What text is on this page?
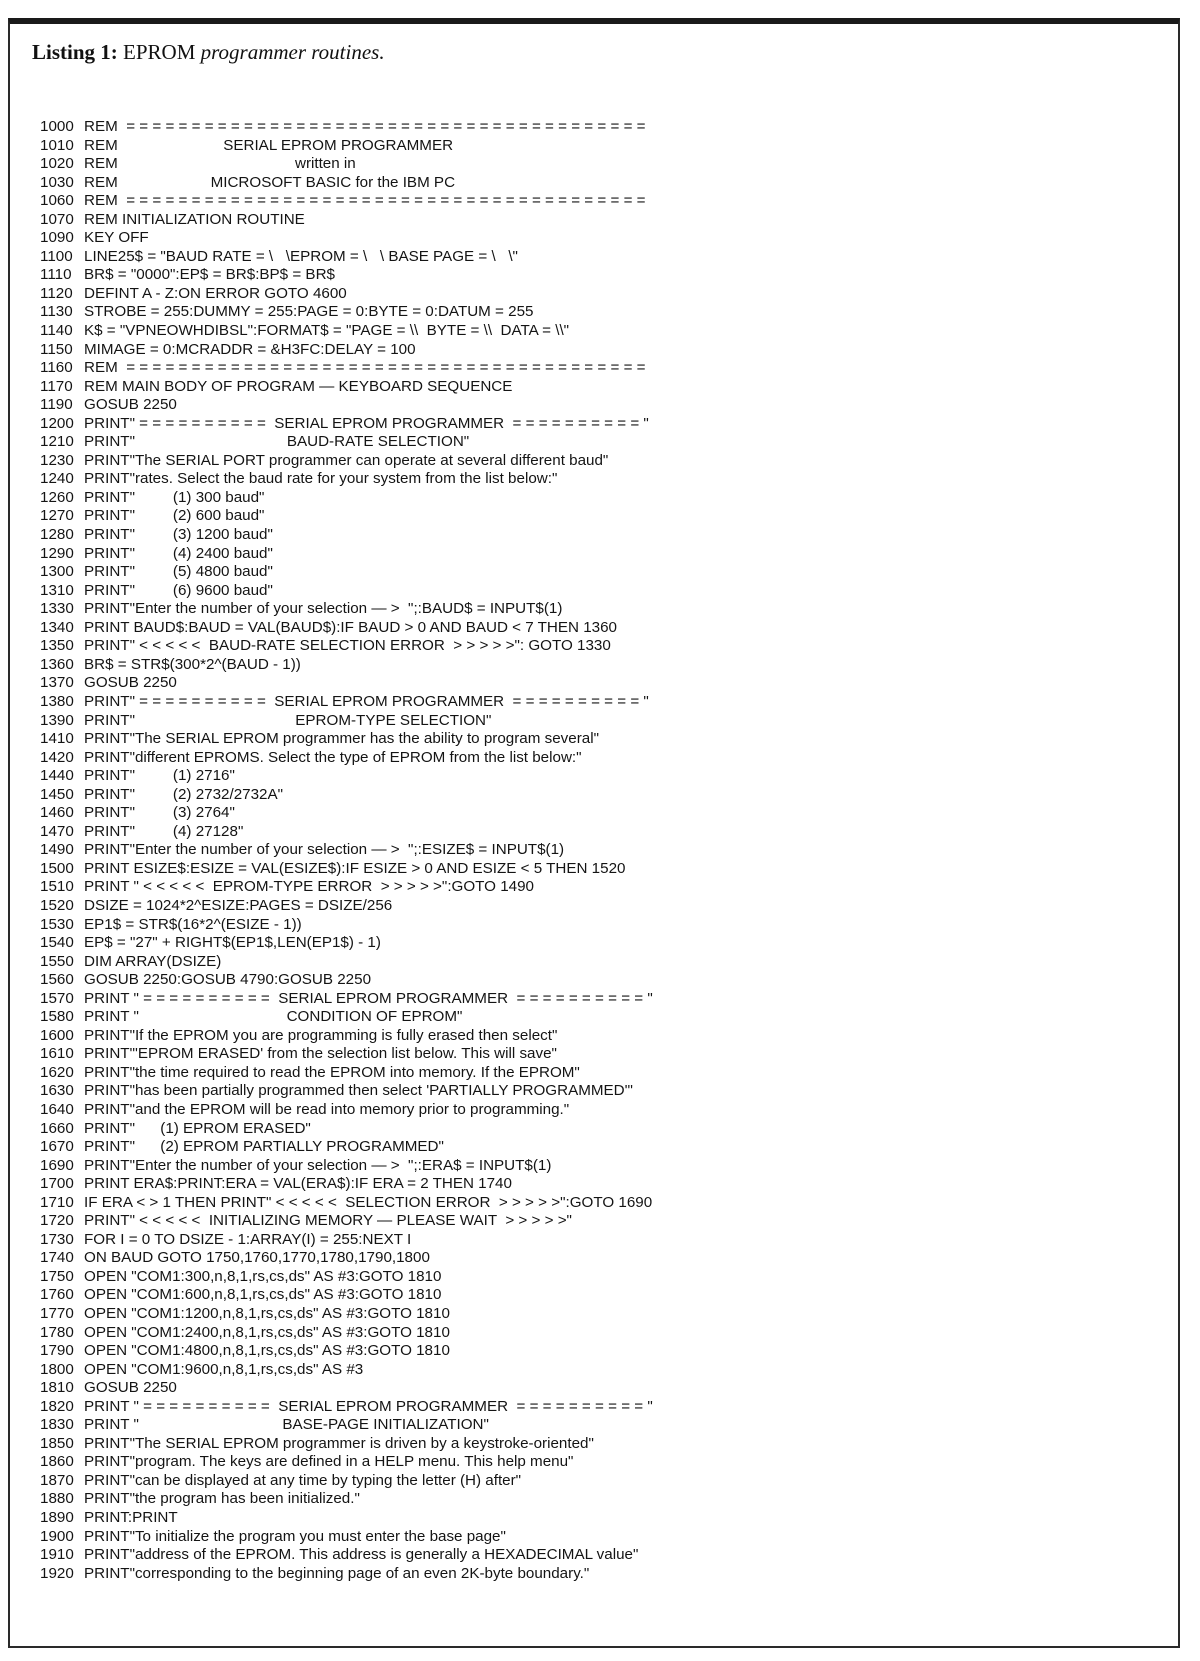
Listing 1: EPROM programmer routines.
1000 REM  = = = = = = = = = = = = = = = = = = = = = = = = = = = = = = = = = = = = = = = =
1010 REM                         SERIAL EPROM PROGRAMMER
1020 REM                                          written in
1030 REM                      MICROSOFT BASIC for the IBM PC
1060 REM  = = = = = = = = = = = = = = = = = = = = = = = = = = = = = = = = = = = = = = = =
1070 REM INITIALIZATION ROUTINE
1090 KEY OFF
1100 LINE25$ = "BAUD RATE = \   \EPROM = \   \ BASE PAGE = \   \"
1110 BR$ = "0000":EP$ = BR$:BP$ = BR$
1120 DEFINT A - Z:ON ERROR GOTO 4600
1130 STROBE = 255:DUMMY = 255:PAGE = 0:BYTE = 0:DATUM = 255
1140 K$ = "VPNEOWHDIBSL":FORMAT$ = "PAGE = \\  BYTE = \\  DATA = \\"
1150 MIMAGE = 0:MCRADDR = &H3FC:DELAY = 100
1160 REM  = = = = = = = = = = = = = = = = = = = = = = = = = = = = = = = = = = = = = = = =
1170 REM MAIN BODY OF PROGRAM — KEYBOARD SEQUENCE
1190 GOSUB 2250
1200 PRINT" = = = = = = = = = =  SERIAL EPROM PROGRAMMER  = = = = = = = = = = "
1210 PRINT"                                    BAUD-RATE SELECTION"
1230 PRINT"The SERIAL PORT programmer can operate at several different baud"
1240 PRINT"rates. Select the baud rate for your system from the list below:"
1260 PRINT"         (1) 300 baud"
1270 PRINT"         (2) 600 baud"
1280 PRINT"         (3) 1200 baud"
1290 PRINT"         (4) 2400 baud"
1300 PRINT"         (5) 4800 baud"
1310 PRINT"         (6) 9600 baud"
1330 PRINT"Enter the number of your selection — >  ";:BAUD$ = INPUT$(1)
1340 PRINT BAUD$:BAUD = VAL(BAUD$):IF BAUD > 0 AND BAUD < 7 THEN 1360
1350 PRINT" < < < < <  BAUD-RATE SELECTION ERROR  > > > > >": GOTO 1330
1360 BR$ = STR$(300*2^(BAUD - 1))
1370 GOSUB 2250
1380 PRINT" = = = = = = = = = =  SERIAL EPROM PROGRAMMER  = = = = = = = = = = "
1390 PRINT"                                      EPROM-TYPE SELECTION"
1410 PRINT"The SERIAL EPROM programmer has the ability to program several"
1420 PRINT"different EPROMS. Select the type of EPROM from the list below:"
1440 PRINT"         (1) 2716"
1450 PRINT"         (2) 2732/2732A"
1460 PRINT"         (3) 2764"
1470 PRINT"         (4) 27128"
1490 PRINT"Enter the number of your selection — >  ";:ESIZE$ = INPUT$(1)
1500 PRINT ESIZE$:ESIZE = VAL(ESIZE$):IF ESIZE > 0 AND ESIZE < 5 THEN 1520
1510 PRINT " < < < < <  EPROM-TYPE ERROR  > > > > >":GOTO 1490
1520 DSIZE = 1024*2^ESIZE:PAGES = DSIZE/256
1530 EP1$ = STR$(16*2^(ESIZE - 1))
1540 EP$ = "27" + RIGHT$(EP1$,LEN(EP1$) - 1)
1550 DIM ARRAY(DSIZE)
1560 GOSUB 2250:GOSUB 4790:GOSUB 2250
1570 PRINT " = = = = = = = = = =  SERIAL EPROM PROGRAMMER  = = = = = = = = = = "
1580 PRINT "                                   CONDITION OF EPROM"
1600 PRINT"If the EPROM you are programming is fully erased then select"
1610 PRINT"'EPROM ERASED' from the selection list below. This will save"
1620 PRINT"the time required to read the EPROM into memory. If the EPROM"
1630 PRINT"has been partially programmed then select 'PARTIALLY PROGRAMMED'"
1640 PRINT"and the EPROM will be read into memory prior to programming."
1660 PRINT"      (1) EPROM ERASED"
1670 PRINT"      (2) EPROM PARTIALLY PROGRAMMED"
1690 PRINT"Enter the number of your selection — >  ";:ERA$ = INPUT$(1)
1700 PRINT ERA$:PRINT:ERA = VAL(ERA$):IF ERA = 2 THEN 1740
1710 IF ERA < > 1 THEN PRINT" < < < < <  SELECTION ERROR  > > > > >":GOTO 1690
1720 PRINT" < < < < <  INITIALIZING MEMORY — PLEASE WAIT  > > > > >"
1730 FOR I = 0 TO DSIZE - 1:ARRAY(I) = 255:NEXT I
1740 ON BAUD GOTO 1750,1760,1770,1780,1790,1800
1750 OPEN "COM1:300,n,8,1,rs,cs,ds" AS #3:GOTO 1810
1760 OPEN "COM1:600,n,8,1,rs,cs,ds" AS #3:GOTO 1810
1770 OPEN "COM1:1200,n,8,1,rs,cs,ds" AS #3:GOTO 1810
1780 OPEN "COM1:2400,n,8,1,rs,cs,ds" AS #3:GOTO 1810
1790 OPEN "COM1:4800,n,8,1,rs,cs,ds" AS #3:GOTO 1810
1800 OPEN "COM1:9600,n,8,1,rs,cs,ds" AS #3
1810 GOSUB 2250
1820 PRINT " = = = = = = = = = =  SERIAL EPROM PROGRAMMER  = = = = = = = = = = "
1830 PRINT "                                  BASE-PAGE INITIALIZATION"
1850 PRINT"The SERIAL EPROM programmer is driven by a keystroke-oriented"
1860 PRINT"program. The keys are defined in a HELP menu. This help menu"
1870 PRINT"can be displayed at any time by typing the letter (H) after"
1880 PRINT"the program has been initialized."
1890 PRINT:PRINT
1900 PRINT"To initialize the program you must enter the base page"
1910 PRINT"address of the EPROM. This address is generally a HEXADECIMAL value"
1920 PRINT"corresponding to the beginning page of an even 2K-byte boundary."
